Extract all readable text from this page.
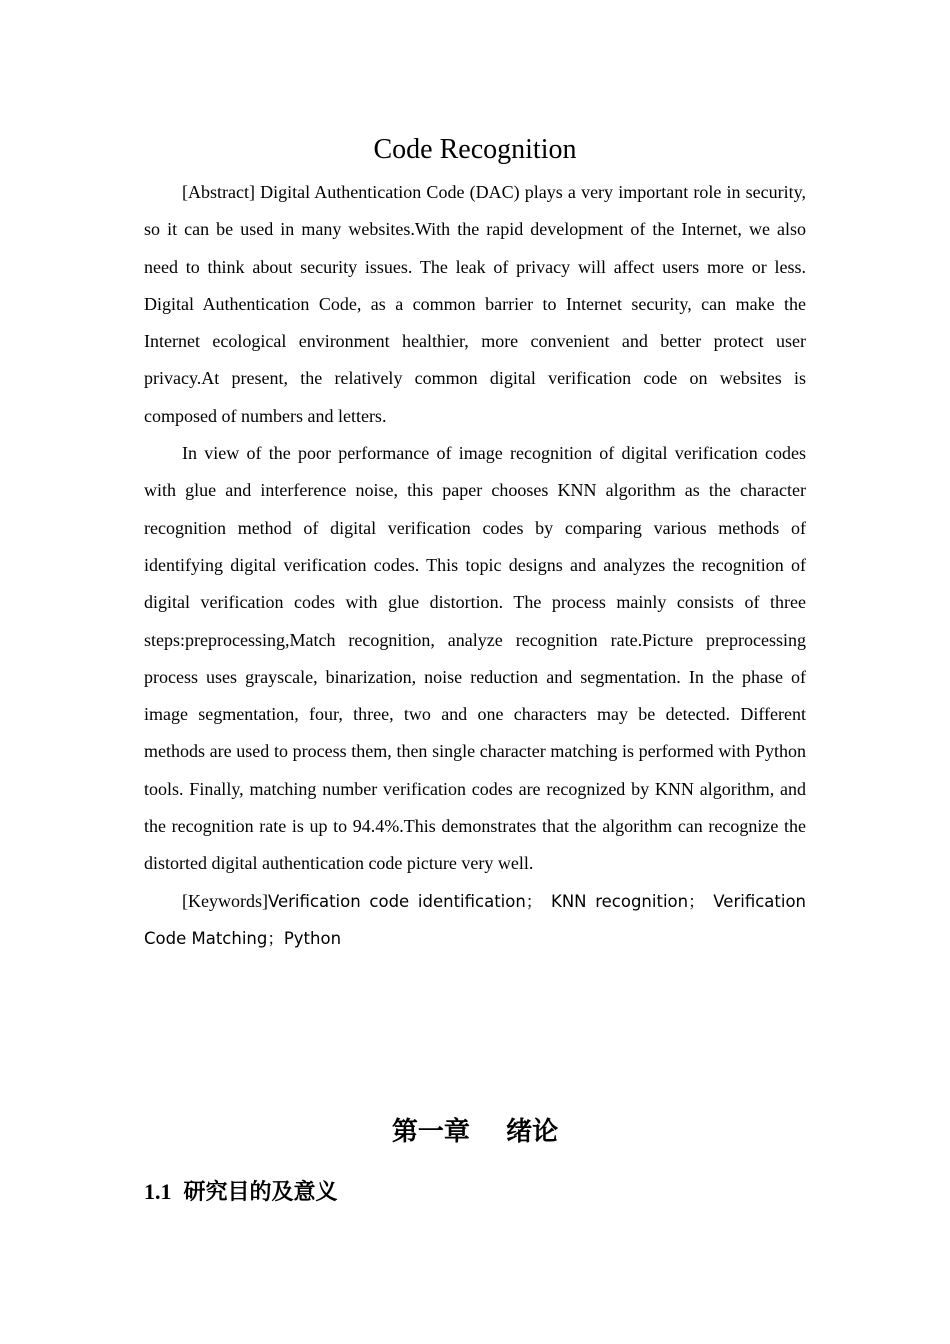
Code Recognition

[Abstract] Digital Authentication Code (DAC) plays a very important role in security, so it can be used in many websites.With the rapid development of the Internet, we also need to think about security issues. The leak of privacy will affect users more or less. Digital Authentication Code, as a common barrier to Internet security, can make the Internet ecological environment healthier, more convenient and better protect user privacy.At present, the relatively common digital verification code on websites is composed of numbers and letters.

In view of the poor performance of image recognition of digital verification codes with glue and interference noise, this paper chooses KNN algorithm as the character recognition method of digital verification codes by comparing various methods of identifying digital verification codes. This topic designs and analyzes the recognition of digital verification codes with glue distortion. The process mainly consists of three steps:preprocessing,Match recognition, analyze recognition rate.Picture preprocessing process uses grayscale, binarization, noise reduction and segmentation. In the phase of image segmentation, four, three, two and one characters may be detected. Different methods are used to process them, then single character matching is performed with Python tools. Finally, matching number verification codes are recognized by KNN algorithm, and the recognition rate is up to 94.4%.This demonstrates that the algorithm can recognize the distorted digital authentication code picture very well.

[Keywords]Verification code identification； KNN recognition； Verification Code Matching；Python

第一章    绪论
1.1 研究目的及意义
